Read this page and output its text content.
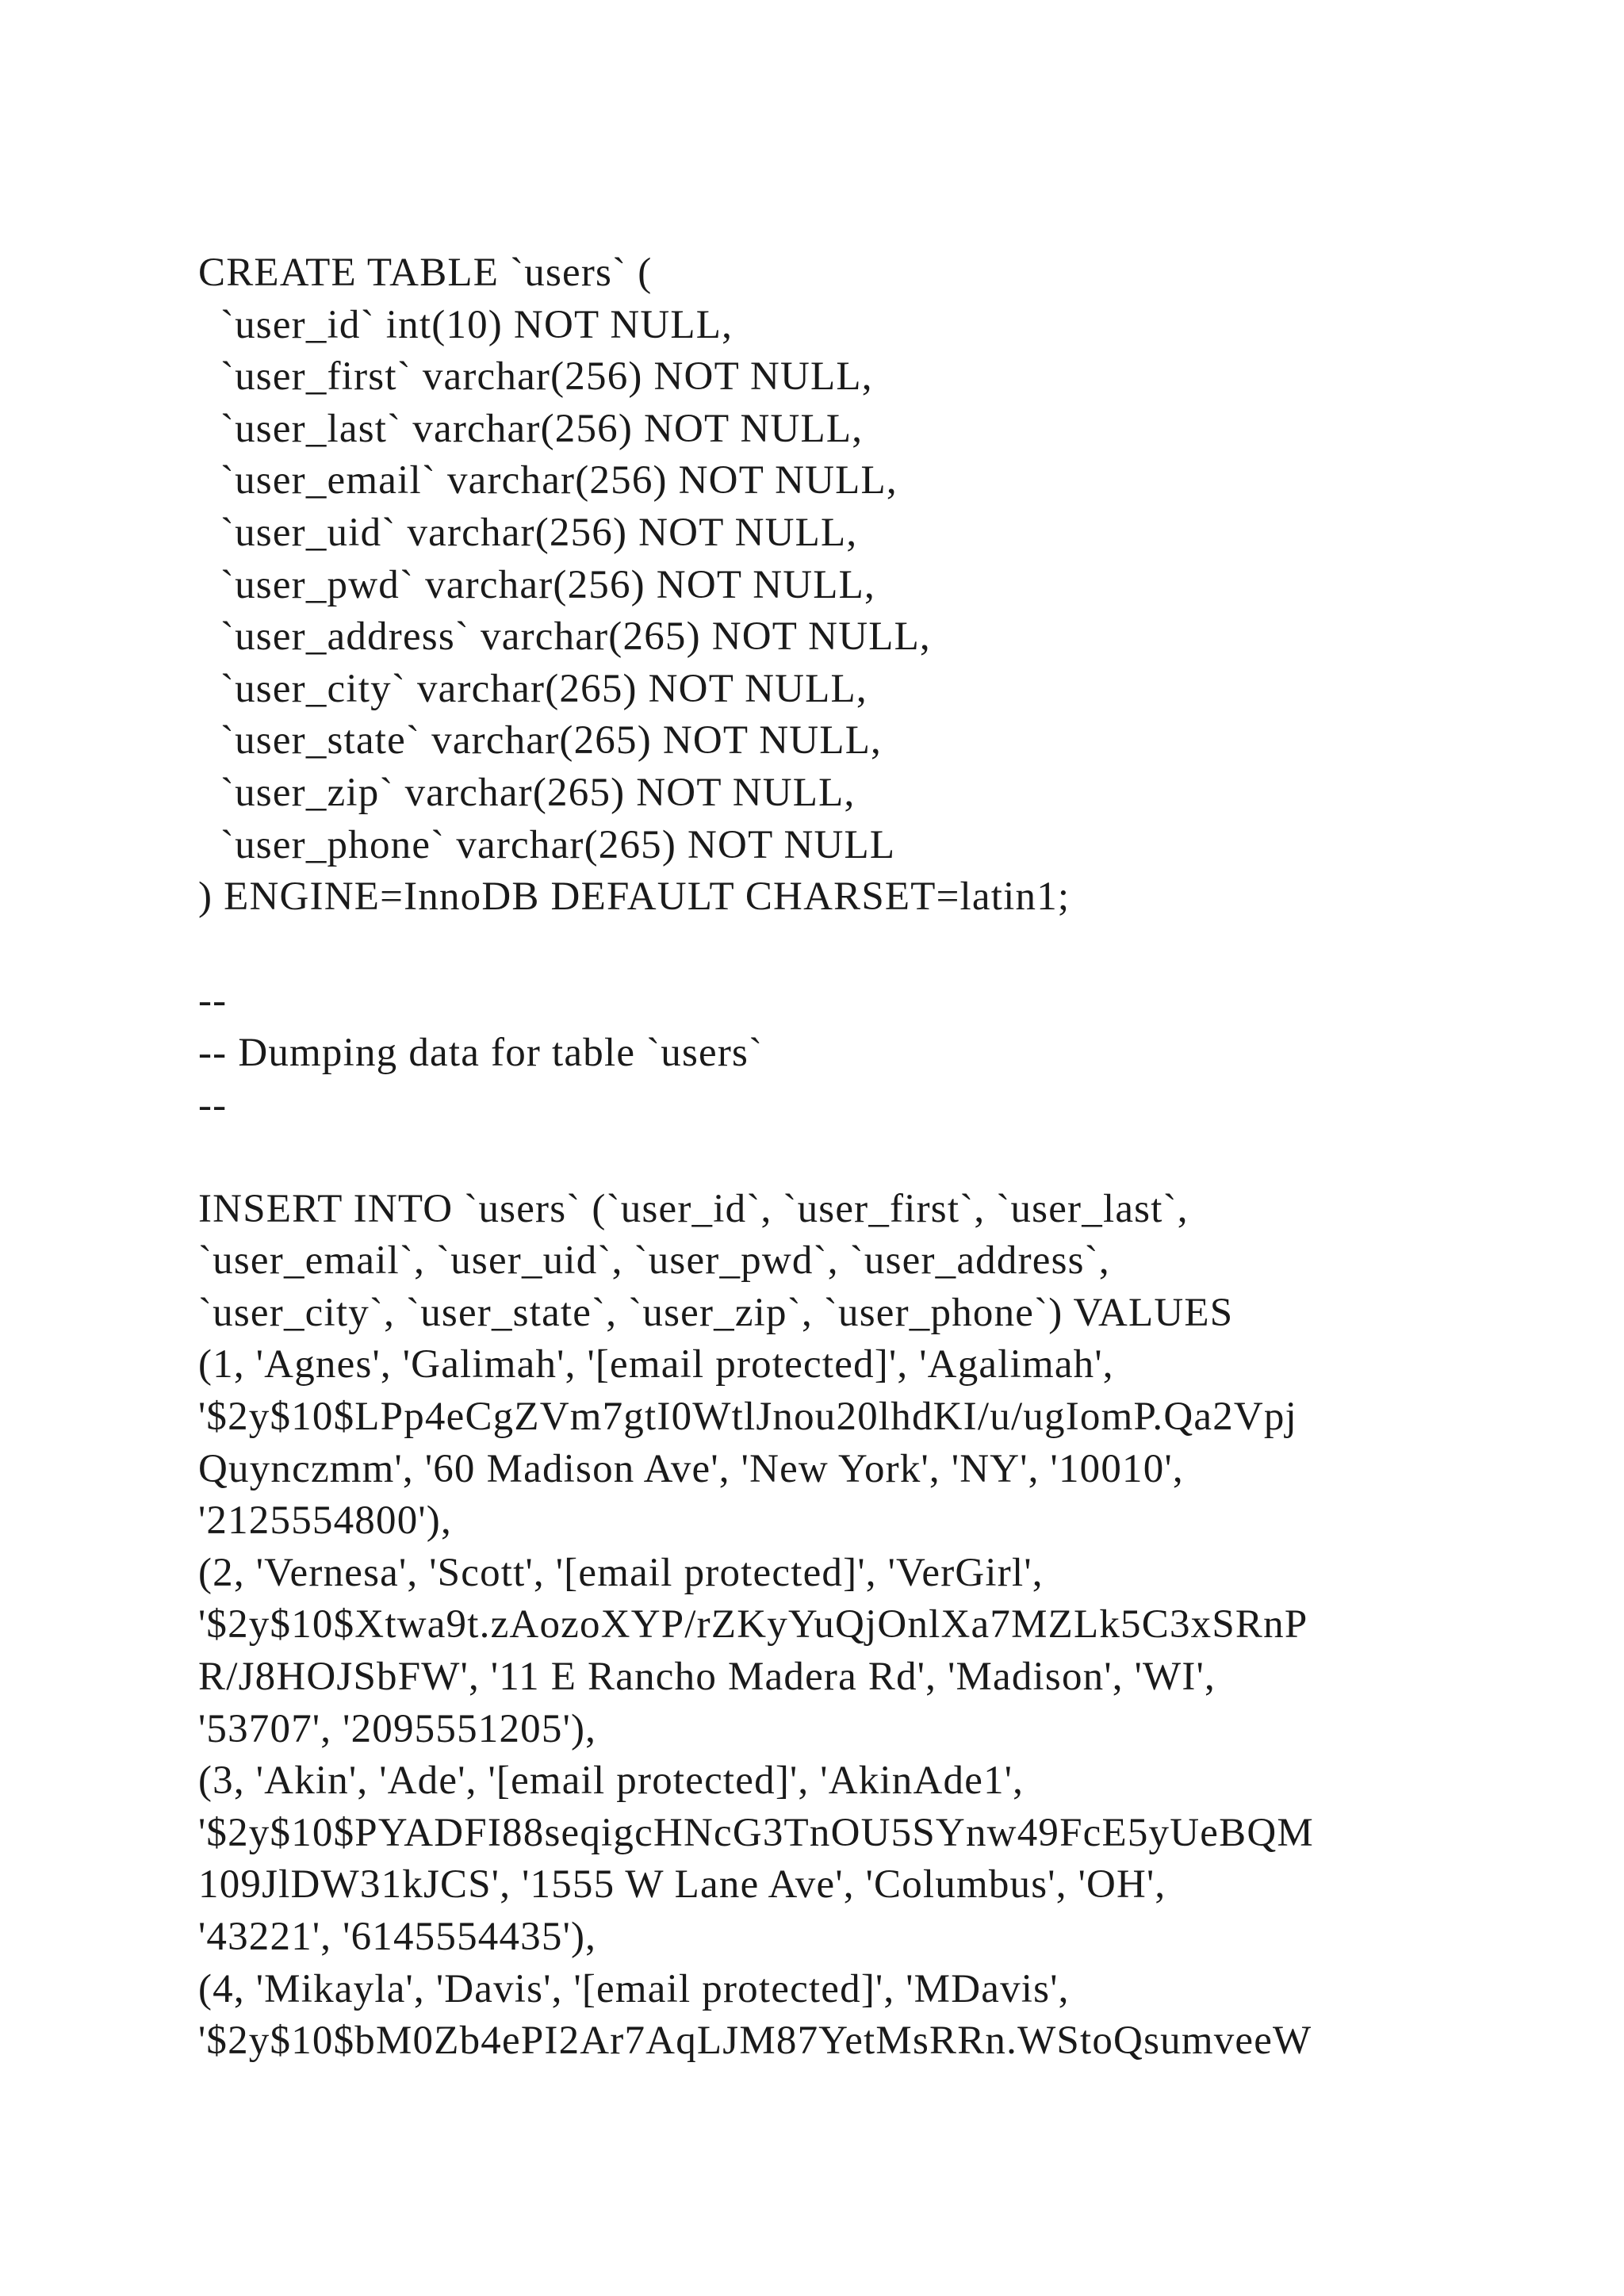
CREATE TABLE `users` (
`user_id` int(10) NOT NULL,
`user_first` varchar(256) NOT NULL,
`user_last` varchar(256) NOT NULL,
`user_email` varchar(256) NOT NULL,
`user_uid` varchar(256) NOT NULL,
`user_pwd` varchar(256) NOT NULL,
`user_address` varchar(265) NOT NULL,
`user_city` varchar(265) NOT NULL,
`user_state` varchar(265) NOT NULL,
`user_zip` varchar(265) NOT NULL,
`user_phone` varchar(265) NOT NULL
) ENGINE=InnoDB DEFAULT CHARSET=latin1;
--
-- Dumping data for table `users`
--
INSERT INTO `users` (`user_id`, `user_first`, `user_last`,
`user_email`, `user_uid`, `user_pwd`, `user_address`,
`user_city`, `user_state`, `user_zip`, `user_phone`) VALUES
(1, 'Agnes', 'Galimah', '[email protected]', 'Agalimah',
'$2y$10$LPp4eCgZVm7gtI0WtlJnou20lhdKI/u/ugIomP.Qa2Vpj
Quynczmm', '60 Madison Ave', 'New York', 'NY', '10010',
'2125554800'),
(2, 'Vernesa', 'Scott', '[email protected]', 'VerGirl',
'$2y$10$Xtwa9t.zAozoXYP/rZKyYuQjOnlXa7MZLk5C3xSRnP
R/J8HOJSbFW', '11 E Rancho Madera Rd', 'Madison', 'WI',
'53707', '2095551205'),
(3, 'Akin', 'Ade', '[email protected]', 'AkinAde1',
'$2y$10$PYADFI88seqigcHNcG3TnOU5SYnw49FcE5yUeBQM
109JlDW31kJCS', '1555 W Lane Ave', 'Columbus', 'OH',
'43221', '6145554435'),
(4, 'Mikayla', 'Davis', '[email protected]', 'MDavis',
'$2y$10$bM0Zb4ePI2Ar7AqLJM87YetMsRRn.WStoQsumveeW
